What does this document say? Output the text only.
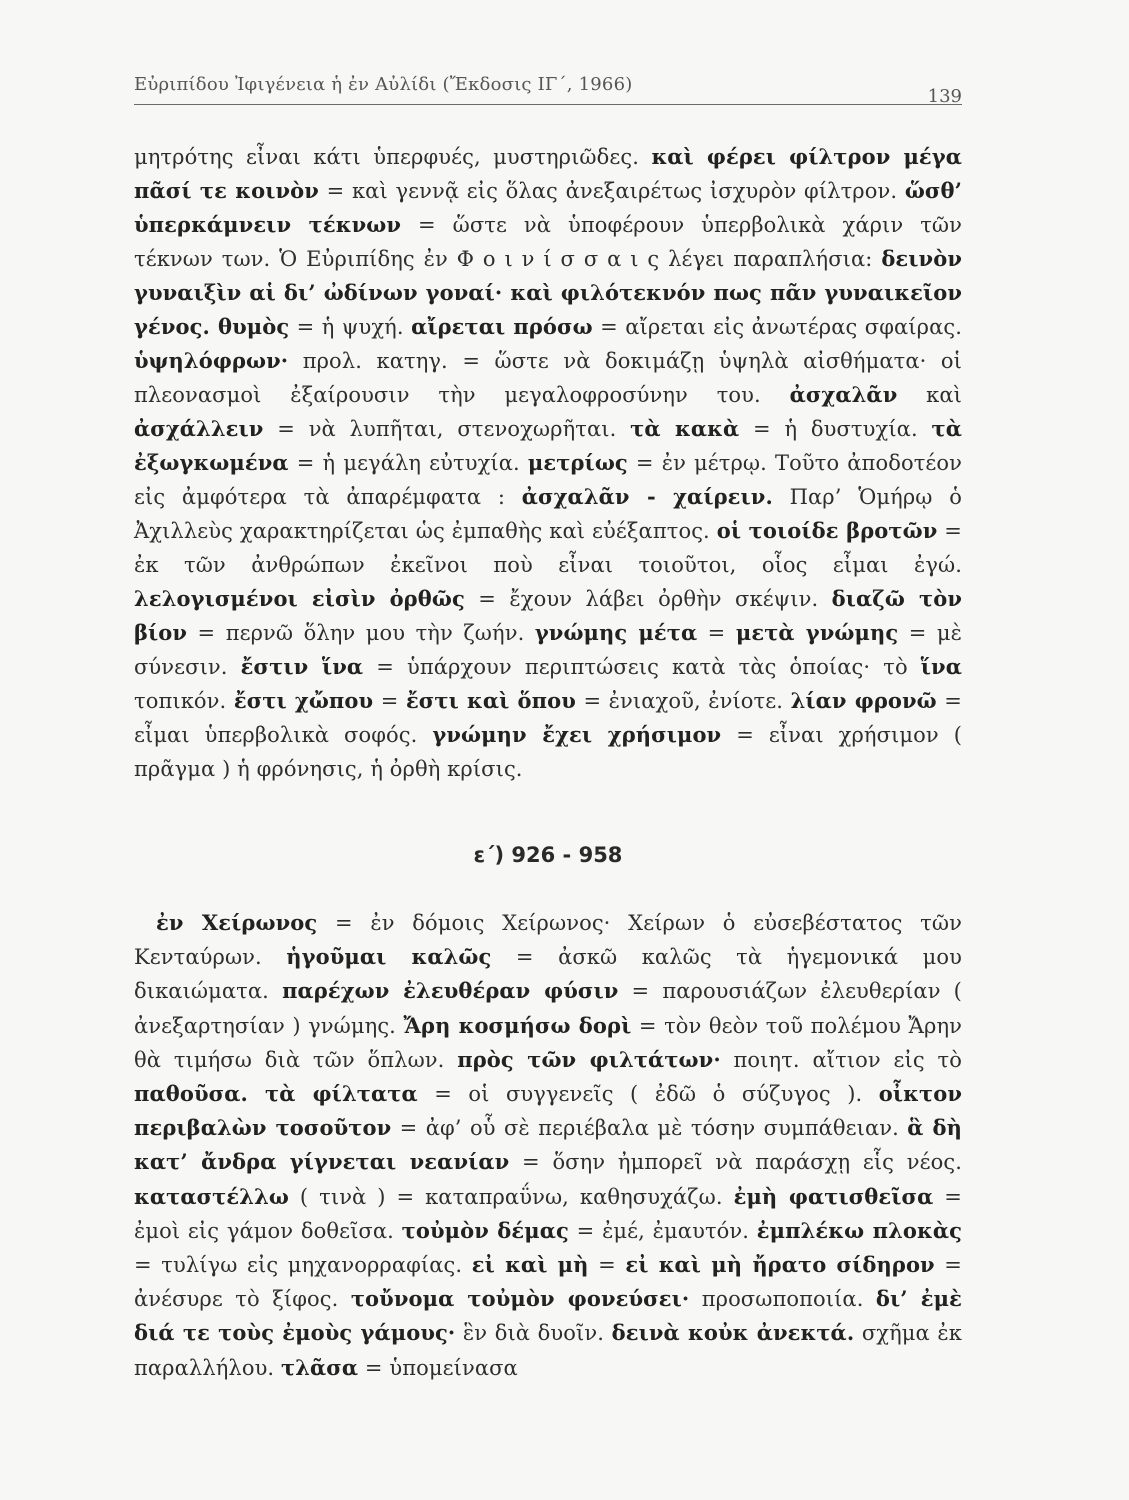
Εὐριπίδου Ἰφιγένεια ἡ ἐν Αὐλίδι (Ἔκδοσις ΙΓ΄, 1966)
139

μητρότης εἶναι κάτι ὑπερφυές, μυστηριῶδες. καὶ φέρει φίλτρον μέγα πᾶσί τε κοινὸν = καὶ γεννᾷ εἰς ὅλας ἀνεξαιρέτως ἰσχυρὸν φίλτρον. ὥσθ’ ὑπερκάμνειν τέκνων = ὥστε νὰ ὑποφέρουν ὑπερβολικὰ χάριν τῶν τέκνων των. Ὁ Εὐριπίδης ἐν Φ ο ι ν ί σ σ α ι ς λέγει παραπλήσια: δεινὸν γυναιξὶν αἱ δι’ ὠδίνων γοναί· καὶ φιλότεκνόν πως πᾶν γυναικεῖον γένος. θυμὸς = ἡ ψυχή. αἴρεται πρόσω = αἴρεται εἰς ἀνωτέρας σφαίρας. ὑψηλόφρων· προλ. κατηγ. = ὥστε νὰ δοκιμάζῃ ὑψηλὰ αἰσθήματα· οἱ πλεονασμοὶ ἐξαίρουσιν τὴν μεγαλοφροσύνην του. ἀσχαλᾶν καὶ ἀσχάλλειν = νὰ λυπῆται, στενοχωρῆται. τὰ κακὰ = ἡ δυστυχία. τὰ ἐξωγκωμένα = ἡ μεγάλη εὐτυχία. μετρίως = ἐν μέτρῳ. Τοῦτο ἀποδοτέον εἰς ἀμφότερα τὰ ἀπαρέμφατα : ἀσχαλᾶν - χαίρειν. Παρ’ Ὁμήρῳ ὁ Ἀχιλλεὺς χαρακτηρίζεται ὡς ἐμπαθὴς καὶ εὐέξαπτος. οἱ τοιοίδε βροτῶν = ἐκ τῶν ἀνθρώπων ἐκεῖνοι ποὺ εἶναι τοιοῦτοι, οἷος εἶμαι ἐγώ. λελογισμένοι εἰσὶν ὀρθῶς = ἔχουν λάβει ὀρθὴν σκέψιν. διαζῶ τὸν βίον = περνῶ ὅλην μου τὴν ζωήν. γνώμης μέτα = μετὰ γνώμης = μὲ σύνεσιν. ἔστιν ἵνα = ὑπάρχουν περιπτώσεις κατὰ τὰς ὁποίας· τὸ ἵνα τοπικόν. ἔστι χὤπου = ἔστι καὶ ὅπου = ἐνιαχοῦ, ἐνίοτε. λίαν φρονῶ = εἶμαι ὑπερβολικὰ σοφός. γνώμην ἔχει χρήσιμον = εἶναι χρήσιμον ( πρᾶγμα ) ἡ φρόνησις, ἡ ὀρθὴ κρίσις.

ε΄) 926 - 958

ἐν Χείρωνος = ἐν δόμοις Χείρωνος· Χείρων ὁ εὐσεβέστατος τῶν Κενταύρων. ἡγοῦμαι καλῶς = ἀσκῶ καλῶς τὰ ἡγεμονικά μου δικαιώματα. παρέχων ἐλευθέραν φύσιν = παρουσιάζων ἐλευθερίαν ( ἀνεξαρτησίαν ) γνώμης. Ἄρη κοσμήσω δορὶ = τὸν θεὸν τοῦ πολέμου Ἄρην θὰ τιμήσω διὰ τῶν ὅπλων. πρὸς τῶν φιλτάτων· ποιητ. αἴτιον εἰς τὸ παθοῦσα. τὰ φίλτατα = οἱ συγγενεῖς ( ἐδῶ ὁ σύζυγος ). οἶκτον περιβαλὼν τοσοῦτον = ἀφ’ οὗ σὲ περιέβαλα μὲ τόσην συμπάθειαν. ἃ δὴ κατ’ ἄνδρα γίγνεται νεανίαν = ὅσην ἠμπορεῖ νὰ παράσχῃ εἷς νέος. καταστέλλω ( τινὰ ) = καταπραΰνω, καθησυχάζω. ἐμὴ φατισθεῖσα = ἐμοὶ εἰς γάμον δοθεῖσα. τοὐμὸν δέμας = ἐμέ, ἐμαυτόν. ἐμπλέκω πλοκὰς = τυλίγω εἰς μηχανορραφίας. εἰ καὶ μὴ = εἰ καὶ μὴ ἤρατο σίδηρον = ἀνέσυρε τὸ ξίφος. τοὔνομα τοὐμὸν φονεύσει· προσωποποιία. δι’ ἐμὲ διά τε τοὺς ἐμοὺς γάμους· ἓν διὰ δυοῖν. δεινὰ κοὐκ ἀνεκτά. σχῆμα ἐκ παραλλήλου. τλᾶσα = ὑπομείνασα
